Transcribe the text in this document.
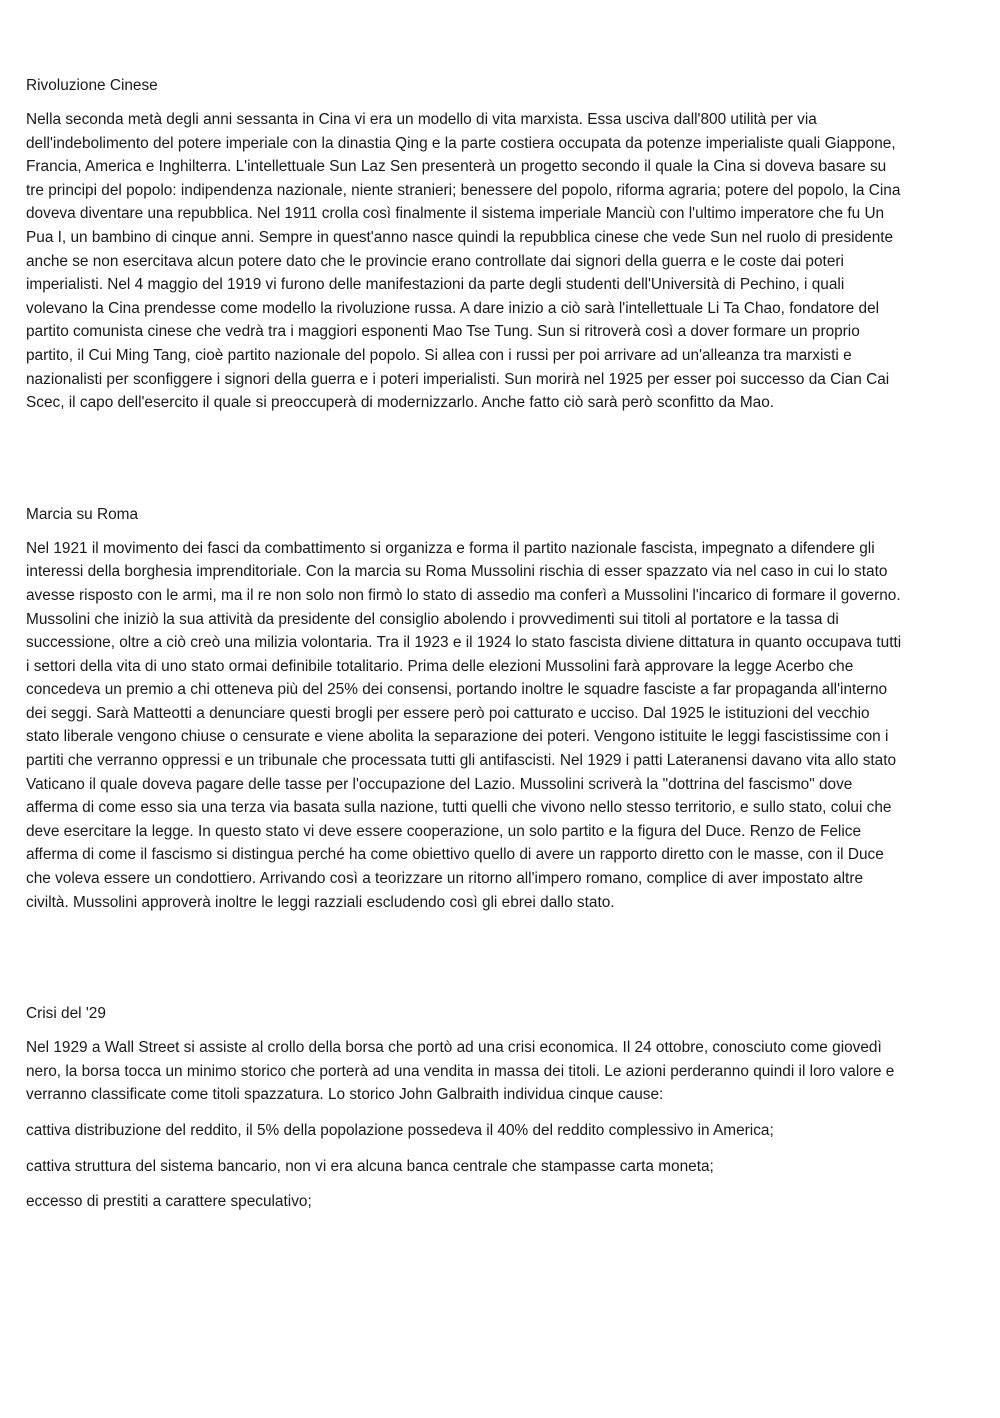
Rivoluzione Cinese

Nella seconda metà degli anni sessanta in Cina vi era un modello di vita marxista. Essa usciva dall'800 utilità per via dell'indebolimento del potere imperiale con la dinastia Qing e la parte costiera occupata da potenze imperialiste quali Giappone, Francia, America e Inghilterra. L'intellettuale Sun Laz Sen presenterà un progetto secondo il quale la Cina si doveva basare su tre principi del popolo: indipendenza nazionale, niente stranieri; benessere del popolo, riforma agraria; potere del popolo, la Cina doveva diventare una repubblica. Nel 1911 crolla così finalmente il sistema imperiale Manciù con l'ultimo imperatore che fu Un Pua I, un bambino di cinque anni. Sempre in quest'anno nasce quindi la repubblica cinese che vede Sun nel ruolo di presidente anche se non esercitava alcun potere dato che le provincie erano controllate dai signori della guerra e le coste dai poteri imperialisti. Nel 4 maggio del 1919 vi furono delle manifestazioni da parte degli studenti dell'Università di Pechino, i quali volevano la Cina prendesse come modello la rivoluzione russa. A dare inizio a ciò sarà l'intellettuale Li Ta Chao, fondatore del partito comunista cinese che vedrà tra i maggiori esponenti Mao Tse Tung. Sun si ritroverà così a dover formare un proprio partito, il Cui Ming Tang, cioè partito nazionale del popolo. Si allea con i russi per poi arrivare ad un'alleanza tra marxisti e nazionalisti per sconfiggere i signori della guerra e i poteri imperialisti. Sun morirà nel 1925 per esser poi successo da Cian Cai Scec, il capo dell'esercito il quale si preoccuperà di modernizzarlo. Anche fatto ciò sarà però sconfitto da Mao.

Marcia su Roma

Nel 1921 il movimento dei fasci da combattimento si organizza e forma il partito nazionale fascista, impegnato a difendere gli interessi della borghesia imprenditoriale. Con la marcia su Roma Mussolini rischia di esser spazzato via nel caso in cui lo stato avesse risposto con le armi, ma il re non solo non firmò lo stato di assedio ma conferì a Mussolini l'incarico di formare il governo. Mussolini che iniziò la sua attività da presidente del consiglio abolendo i provvedimenti sui titoli al portatore e la tassa di successione, oltre a ciò creò una milizia volontaria. Tra il 1923 e il 1924 lo stato fascista diviene dittatura in quanto occupava tutti i settori della vita di uno stato ormai definibile totalitario. Prima delle elezioni Mussolini farà approvare la legge Acerbo che concedeva un premio a chi otteneva più del 25% dei consensi, portando inoltre le squadre fasciste a far propaganda all'interno dei seggi. Sarà Matteotti a denunciare questi brogli per essere però poi catturato e ucciso. Dal 1925 le istituzioni del vecchio stato liberale vengono chiuse o censurate e viene abolita la separazione dei poteri. Vengono istituite le leggi fascistissime con i partiti che verranno oppressi e un tribunale che processata tutti gli antifascisti. Nel 1929 i patti Lateranensi davano vita allo stato Vaticano il quale doveva pagare delle tasse per l'occupazione del Lazio. Mussolini scriverà la "dottrina del fascismo" dove afferma di come esso sia una terza via basata sulla nazione, tutti quelli che vivono nello stesso territorio, e sullo stato, colui che deve esercitare la legge. In questo stato vi deve essere cooperazione, un solo partito e la figura del Duce. Renzo de Felice afferma di come il fascismo si distingua perché ha come obiettivo quello di avere un rapporto diretto con le masse, con il Duce che voleva essere un condottiero. Arrivando così a teorizzare un ritorno all'impero romano, complice di aver impostato altre civiltà. Mussolini approverà inoltre le leggi razziali escludendo così gli ebrei dallo stato.

Crisi del '29

Nel 1929 a Wall Street si assiste al crollo della borsa che portò ad una crisi economica. Il 24 ottobre, conosciuto come giovedì nero, la borsa tocca un minimo storico che porterà ad una vendita in massa dei titoli. Le azioni perderanno quindi il loro valore e verranno classificate come titoli spazzatura. Lo storico John Galbraith individua cinque cause:

cattiva distribuzione del reddito, il 5% della popolazione possedeva il 40% del reddito complessivo in America;

cattiva struttura del sistema bancario, non vi era alcuna banca centrale che stampasse carta moneta;

eccesso di prestiti a carattere speculativo;
